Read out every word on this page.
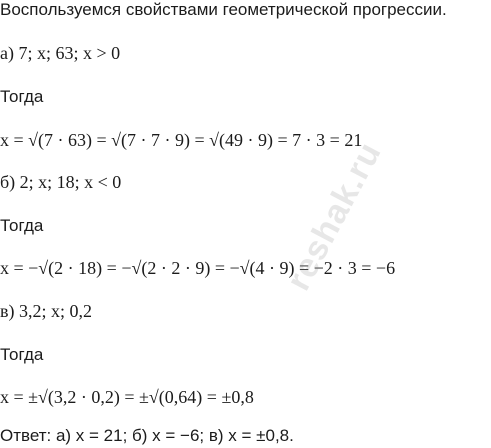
Воспользуемся свойствами геометрической прогрессии.
а) 7; x; 63; x > 0
Тогда
x = √(7 · 63) = √(7 · 7 · 9) = √(49 · 9) = 7 · 3 = 21
б) 2; x; 18; x < 0
Тогда
x = −√(2 · 18) = −√(2 · 2 · 9) = −√(4 · 9) = −2 · 3 = −6
в) 3,2; x; 0,2
Тогда
x = ±√(3,2 · 0,2) = ±√(0,64) = ±0,8
Ответ: а) x = 21; б) x = −6; в) x = ±0,8.
reshak.ru
